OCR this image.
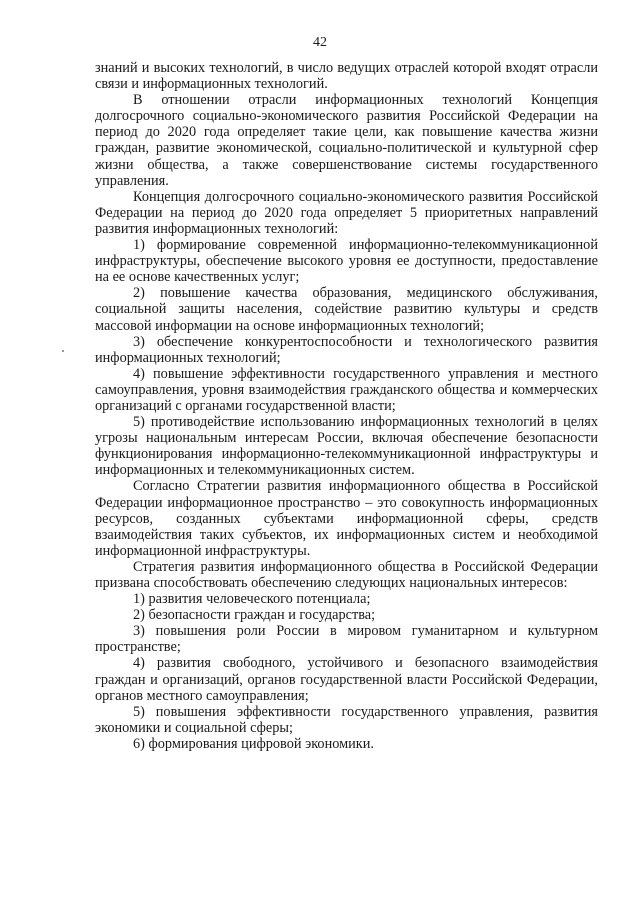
42

знаний и высоких технологий, в число ведущих отраслей которой входят отрасли связи и информационных технологий.

В отношении отрасли информационных технологий Концепция долгосрочного социально-экономического развития Российской Федерации на период до 2020 года определяет такие цели, как повышение качества жизни граждан, развитие экономической, социально-политической и культурной сфер жизни общества, а также совершенствование системы государственного управления.

Концепция долгосрочного социально-экономического развития Российской Федерации на период до 2020 года определяет 5 приоритетных направлений развития информационных технологий:

1) формирование современной информационно-телекоммуникационной инфраструктуры, обеспечение высокого уровня ее доступности, предоставление на ее основе качественных услуг;

2) повышение качества образования, медицинского обслуживания, социальной защиты населения, содействие развитию культуры и средств массовой информации на основе информационных технологий;

3) обеспечение конкурентоспособности и технологического развития информационных технологий;

4) повышение эффективности государственного управления и местного самоуправления, уровня взаимодействия гражданского общества и коммерческих организаций с органами государственной власти;

5) противодействие использованию информационных технологий в целях угрозы национальным интересам России, включая обеспечение безопасности функционирования информационно-телекоммуникационной инфраструктуры и информационных и телекоммуникационных систем.

Согласно Стратегии развития информационного общества в Российской Федерации информационное пространство – это совокупность информационных ресурсов, созданных субъектами информационной сферы, средств взаимодействия таких субъектов, их информационных систем и необходимой информационной инфраструктуры.

Стратегия развития информационного общества в Российской Федерации призвана способствовать обеспечению следующих национальных интересов:

1) развития человеческого потенциала;

2) безопасности граждан и государства;

3) повышения роли России в мировом гуманитарном и культурном пространстве;

4) развития свободного, устойчивого и безопасного взаимодействия граждан и организаций, органов государственной власти Российской Федерации, органов местного самоуправления;

5) повышения эффективности государственного управления, развития экономики и социальной сферы;

6) формирования цифровой экономики.
